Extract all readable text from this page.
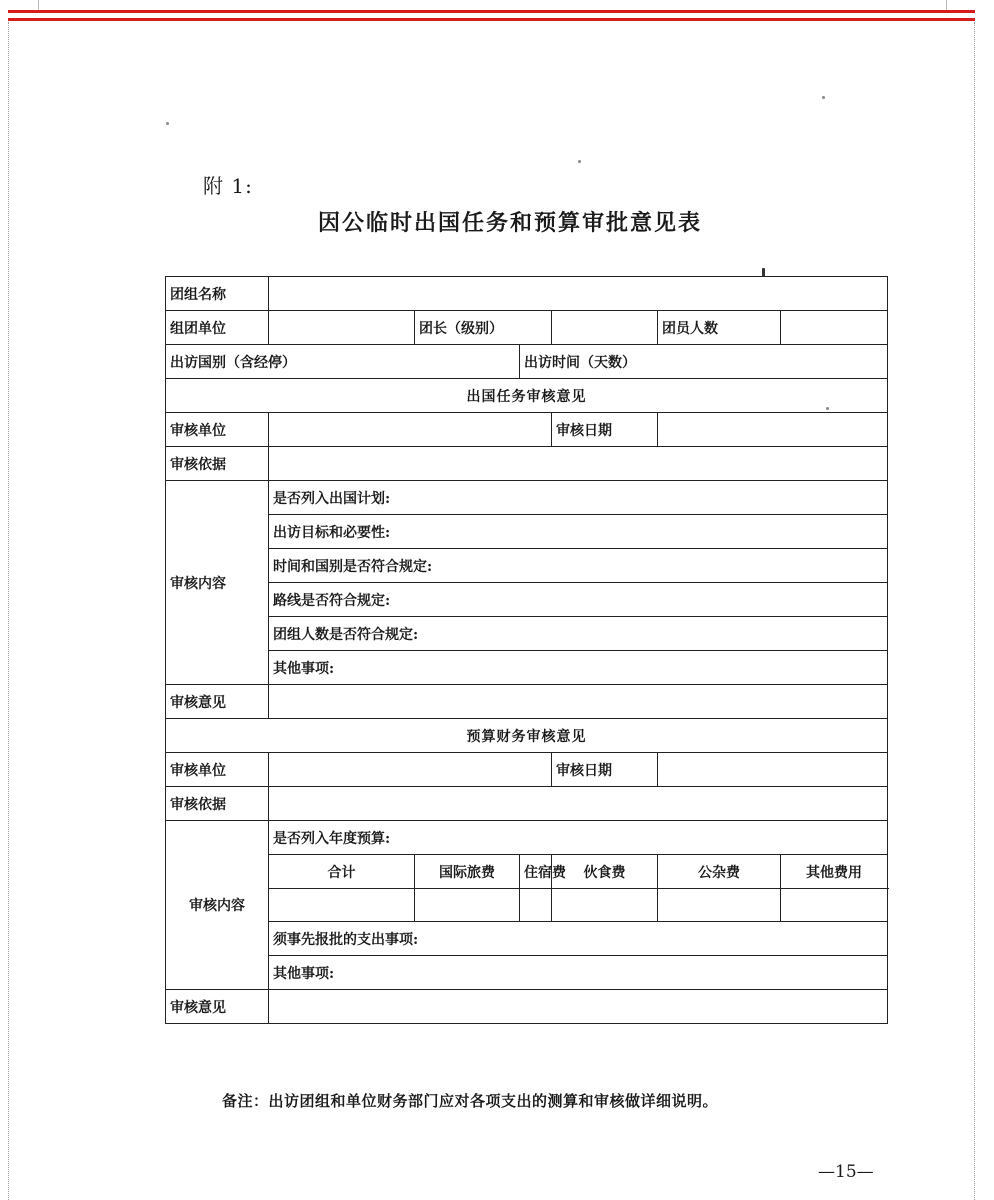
附 1:
因公临时出国任务和预算审批意见表
团组名称						
组团单位		团长（级别）			团员人数	
出访国别（含经停）			出访时间（天数）			
出国任务审核意见						
审核单位				审核日期		
审核依据						
审核内容	是否列入出国计划:					
	出访目标和必要性:					
	时间和国别是否符合规定:					
	路线是否符合规定:					
	团组人数是否符合规定:					
	其他事项:					
审核意见						
预算财务审核意见						
审核单位				审核日期		
审核依据						
审核内容	是否列入年度预算:					
	合计	国际旅费	住宿费	伙食费	公杂费	其他费用

	须事先报批的支出事项:					
	其他事项:					
审核意见						
备注：出访团组和单位财务部门应对各项支出的测算和审核做详细说明。
—15—
